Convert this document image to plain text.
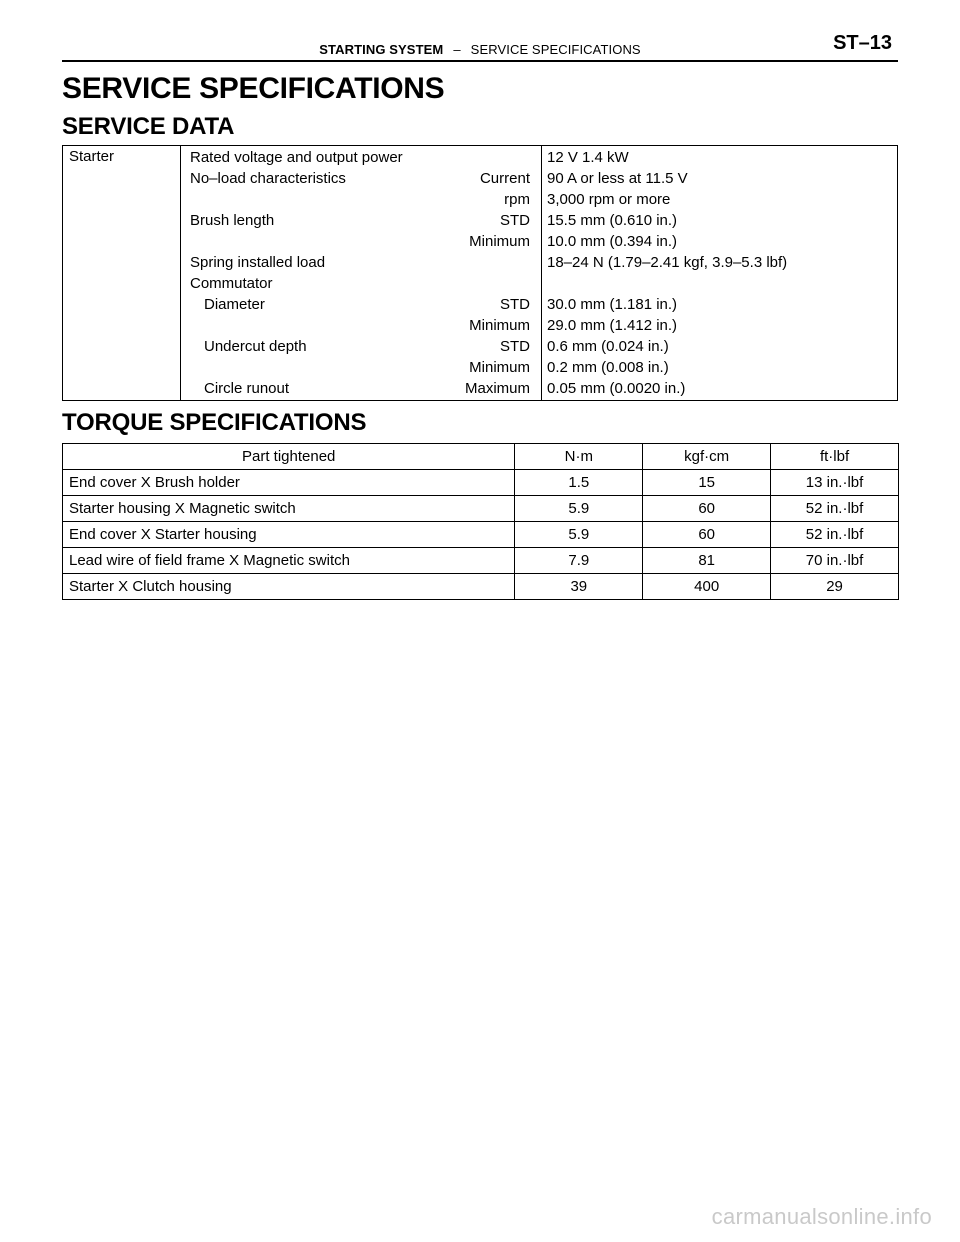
STARTING SYSTEM – SERVICE SPECIFICATIONS	ST–13
SERVICE SPECIFICATIONS
SERVICE DATA
Starter	Rated voltage and output power	12 V 1.4 kW
No–load characteristics	Current 90 A or less at 11.5 V
rpm 3,000 rpm or more
Brush length	STD 15.5 mm (0.610 in.)
Minimum 10.0 mm (0.394 in.)
Spring installed load	18–24 N (1.79–2.41 kgf, 3.9–5.3 lbf)
Commutator
Diameter	STD 30.0 mm (1.181 in.)
Minimum 29.0 mm (1.412 in.)
Undercut depth	STD 0.6 mm (0.024 in.)
Minimum 0.2 mm (0.008 in.)
Circle runout	Maximum 0.05 mm (0.0020 in.)
TORQUE SPECIFICATIONS
Part tightened	N·m	kgf·cm	ft·lbf
End cover X Brush holder	1.5	15	13 in.·lbf
Starter housing X Magnetic switch	5.9	60	52 in.·lbf
End cover X Starter housing	5.9	60	52 in.·lbf
Lead wire of field frame X Magnetic switch	7.9	81	70 in.·lbf
Starter X Clutch housing	39	400	29
carmanualsonline.info
